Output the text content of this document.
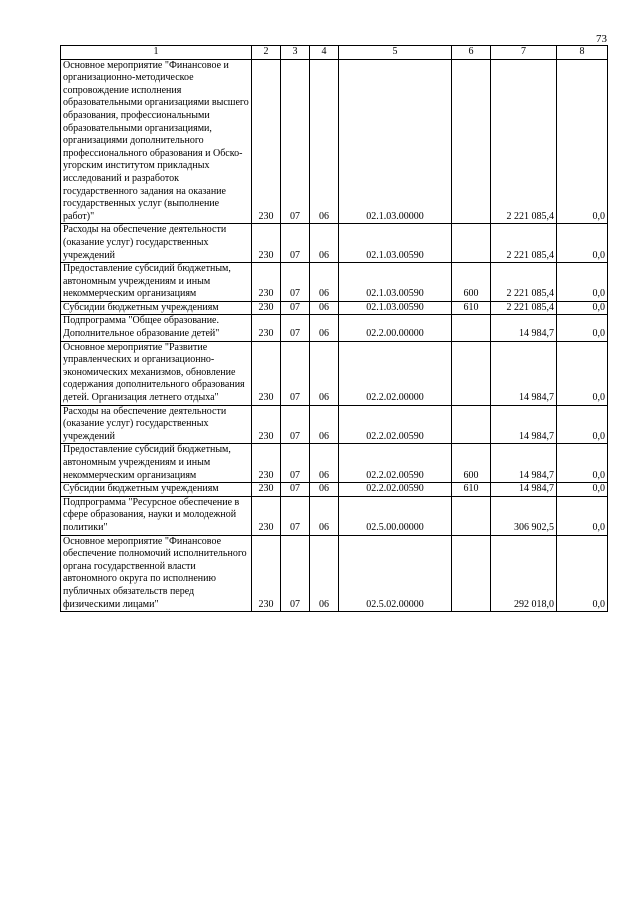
73
1	2	3	4	5	6	7	8
Основное мероприятие "Финансовое и организационно-методическое сопровождение исполнения образовательными организациями высшего образования, профессиональными образовательными организациями, организациями дополнительного профессионального образования и Обско-угорским институтом прикладных исследований и разработок государственного задания на оказание государственных услуг (выполнение работ)"	230	07	06	02.1.03.00000		2 221 085,4	0,0
Расходы на обеспечение деятельности (оказание услуг) государственных учреждений	230	07	06	02.1.03.00590		2 221 085,4	0,0
Предоставление субсидий бюджетным, автономным учреждениям и иным некоммерческим организациям	230	07	06	02.1.03.00590	600	2 221 085,4	0,0
Субсидии бюджетным учреждениям	230	07	06	02.1.03.00590	610	2 221 085,4	0,0
Подпрограмма "Общее образование. Дополнительное образование детей"	230	07	06	02.2.00.00000		14 984,7	0,0
Основное мероприятие "Развитие управленческих и организационно-экономических механизмов, обновление содержания дополнительного образования детей. Организация летнего отдыха"	230	07	06	02.2.02.00000		14 984,7	0,0
Расходы на обеспечение деятельности (оказание услуг) государственных учреждений	230	07	06	02.2.02.00590		14 984,7	0,0
Предоставление субсидий бюджетным, автономным учреждениям и иным некоммерческим организациям	230	07	06	02.2.02.00590	600	14 984,7	0,0
Субсидии бюджетным учреждениям	230	07	06	02.2.02.00590	610	14 984,7	0,0
Подпрограмма "Ресурсное обеспечение в сфере образования, науки и молодежной политики"	230	07	06	02.5.00.00000		306 902,5	0,0
Основное мероприятие "Финансовое обеспечение полномочий исполнительного органа государственной власти автономного округа по исполнению публичных обязательств перед физическими лицами"	230	07	06	02.5.02.00000		292 018,0	0,0
